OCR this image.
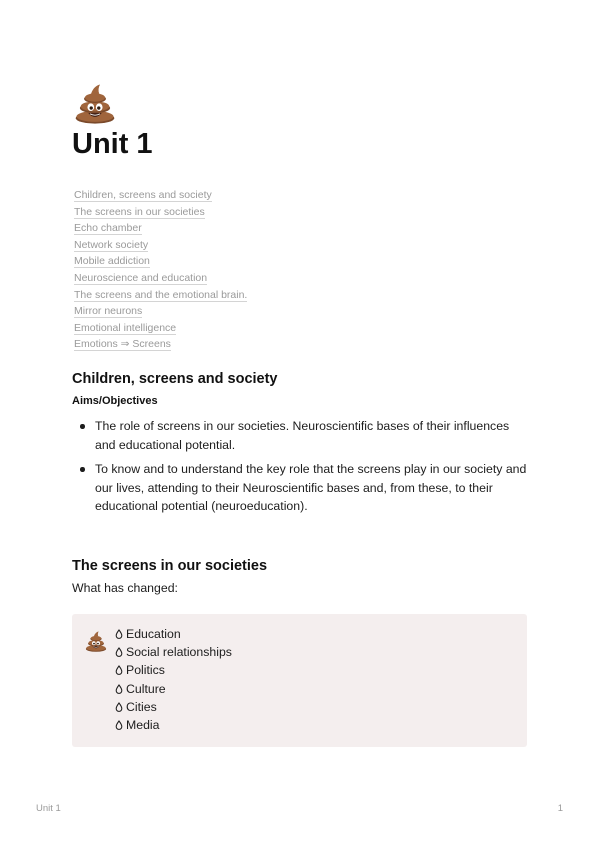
Unit 1
Children, screens and society
The screens in our societies
Echo chamber
Network society
Mobile addiction
Neuroscience and education
The screens and the emotional brain.
Mirror neurons
Emotional intelligence
Emotions ⇒ Screens
Children, screens and society

Aims/Objectives

The role of screens in our societies. Neuroscientific bases of their influences and educational potential.
To know and to understand the key role that the screens play in our society and our lives, attending to their Neuroscientific bases and, from these, to their educational potential (neuroeducation).
The screens in our societies

What has changed:

Education
Social relationships
Politics
Culture
Cities
Media
Unit 1	1
